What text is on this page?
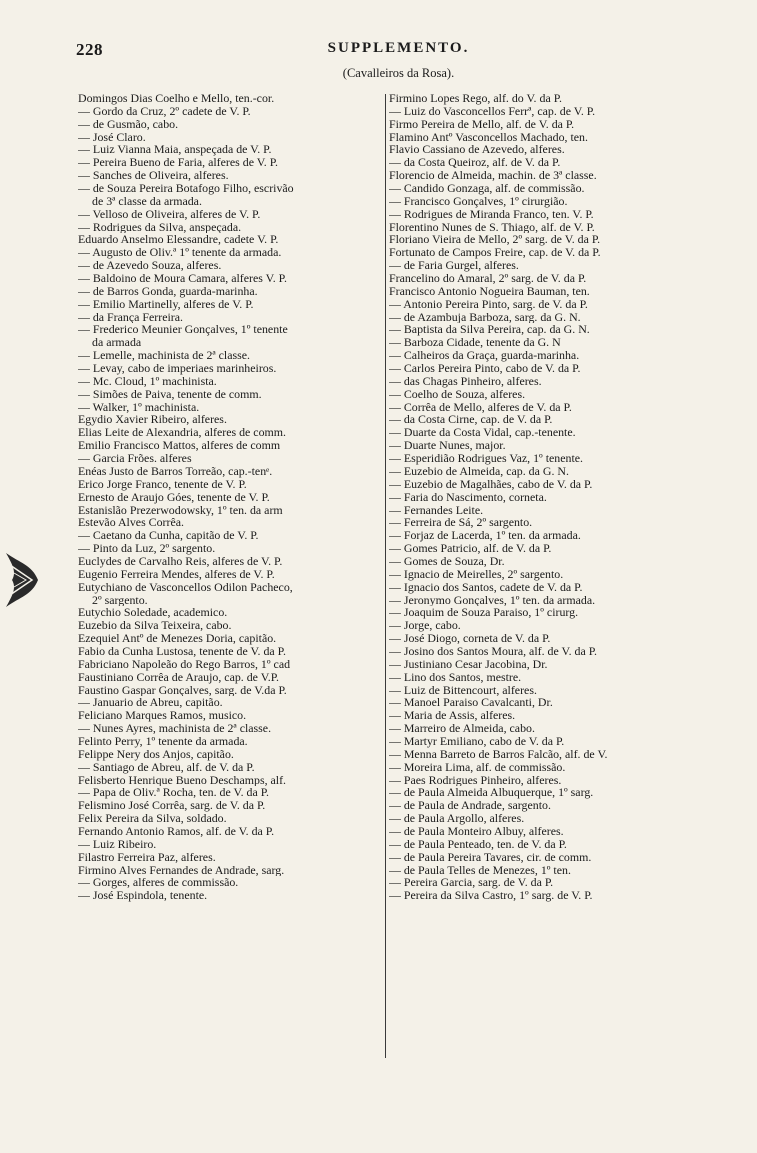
228	SUPPLEMENTO.
(Cavalleiros da Rosa).
Domingos Dias Coelho e Mello, ten.-cor.
— Gordo da Cruz, 2º cadete de V. P.
— de Gusmão, cabo.
— José Claro.
— Luiz Vianna Maia, anspeçada de V. P.
— Pereira Bueno de Faria, alferes de V. P.
— Sanches de Oliveira, alferes.
— de Souza Pereira Botafogo Filho, escrivão
de 3ª classe da armada.
— Velloso de Oliveira, alferes de V. P.
— Rodrigues da Silva, anspeçada.
Eduardo Anselmo Elessandre, cadete V. P.
— Augusto de Oliv.ª 1º tenente da armada.
— de Azevedo Souza, alferes.
— Baldoino de Moura Camara, alferes V. P.
— de Barros Gonda, guarda-marinha.
— Emilio Martinelly, alferes de V. P.
— da França Ferreira.
— Frederico Meunier Gonçalves, 1º tenente
da armada
— Lemelle, machinista de 2ª classe.
— Levay, cabo de imperiaes marinheiros.
— Mc. Cloud, 1º machinista.
— Simões de Paiva, tenente de comm.
— Walker, 1º machinista.
Egydio Xavier Ribeiro, alferes.
Elias Leite de Alexandria, alferes de comm.
Emilio Francisco Mattos, alferes de comm
— Garcia Frões. alferes
Enéas Justo de Barros Torreão, cap.-tenᵉ.
Erico Jorge Franco, tenente de V. P.
Ernesto de Araujo Góes, tenente de V. P.
Estanislão Prezerwodowsky, 1º ten. da arm
Estevão Alves Corrêa.
— Caetano da Cunha, capitão de V. P.
— Pinto da Luz, 2º sargento.
Euclydes de Carvalho Reis, alferes de V. P.
Eugenio Ferreira Mendes, alferes de V. P.
Eutychiano de Vasconcellos Odilon Pacheco,
2º sargento.
Eutychio Soledade, academico.
Euzebio da Silva Teixeira, cabo.
Ezequiel Antº de Menezes Doria, capitão.
Fabio da Cunha Lustosa, tenente de V. da P.
Fabriciano Napoleão do Rego Barros, 1º cad
Faustiniano Corrêa de Araujo, cap. de V.P.
Faustino Gaspar Gonçalves, sarg. de V.da P.
— Januario de Abreu, capitão.
Feliciano Marques Ramos, musico.
— Nunes Ayres, machinista de 2ª classe.
Felinto Perry, 1º tenente da armada.
Felippe Nery dos Anjos, capitão.
— Santiago de Abreu, alf. de V. da P.
Felisberto Henrique Bueno Deschamps, alf.
— Papa de Oliv.ª Rocha, ten. de V. da P.
Felismino José Corrêa, sarg. de V. da P.
Felix Pereira da Silva, soldado.
Fernando Antonio Ramos, alf. de V. da P.
— Luiz Ribeiro.
Filastro Ferreira Paz, alferes.
Firmino Alves Fernandes de Andrade, sarg.
— Gorges, alferes de commissão.
— José Espindola, tenente.
Firmino Lopes Rego, alf. do V. da P.
— Luiz do Vasconcellos Ferrª, cap. de V. P.
Firmo Pereira de Mello, alf. de V. da P.
Flamino Antº Vasconcellos Machado, ten.
Flavio Cassiano de Azevedo, alferes.
— da Costa Queiroz, alf. de V. da P.
Florencio de Almeida, machin. de 3ª classe.
— Candido Gonzaga, alf. de commissão.
— Francisco Gonçalves, 1º cirurgião.
— Rodrigues de Miranda Franco, ten. V. P.
Florentino Nunes de S. Thiago, alf. de V. P.
Floriano Vieira de Mello, 2º sarg. de V. da P.
Fortunato de Campos Freire, cap. de V. da P.
— de Faria Gurgel, alferes.
Francelino do Amaral, 2º sarg. de V. da P.
Francisco Antonio Nogueira Bauman, ten.
— Antonio Pereira Pinto, sarg. de V. da P.
— de Azambuja Barboza, sarg. da G. N.
— Baptista da Silva Pereira, cap. da G. N.
— Barboza Cidade, tenente da G. N
— Calheiros da Graça, guarda-marinha.
— Carlos Pereira Pinto, cabo de V. da P.
— das Chagas Pinheiro, alferes.
— Coelho de Souza, alferes.
— Corrêa de Mello, alferes de V. da P.
— da Costa Cirne, cap. de V. da P.
— Duarte da Costa Vidal, cap.-tenente.
— Duarte Nunes, major.
— Esperidião Rodrigues Vaz, 1º tenente.
— Euzebio de Almeida, cap. da G. N.
— Euzebio de Magalhães, cabo de V. da P.
— Faria do Nascimento, corneta.
— Fernandes Leite.
— Ferreira de Sá, 2º sargento.
— Forjaz de Lacerda, 1º ten. da armada.
— Gomes Patricio, alf. de V. da P.
— Gomes de Souza, Dr.
— Ignacio de Meirelles, 2º sargento.
— Ignacio dos Santos, cadete de V. da P.
— Jeronymo Gonçalves, 1º ten. da armada.
— Joaquim de Souza Paraiso, 1º cirurg.
— Jorge, cabo.
— José Diogo, corneta de V. da P.
— Josino dos Santos Moura, alf. de V. da P.
— Justiniano Cesar Jacobina, Dr.
— Lino dos Santos, mestre.
— Luiz de Bittencourt, alferes.
— Manoel Paraiso Cavalcanti, Dr.
— Maria de Assis, alferes.
— Marreiro de Almeida, cabo.
— Martyr Emiliano, cabo de V. da P.
— Menna Barreto de Barros Falcão, alf. de V.
— Moreira Lima, alf. de commissão.
— Paes Rodrigues Pinheiro, alferes.
— de Paula Almeida Albuquerque, 1º sarg.
— de Paula de Andrade, sargento.
— de Paula Argollo, alferes.
— de Paula Monteiro Albuy, alferes.
— de Paula Penteado, ten. de V. da P.
— de Paula Pereira Tavares, cir. de comm.
— de Paula Telles de Menezes, 1º ten.
— Pereira Garcia, sarg. de V. da P.
— Pereira da Silva Castro, 1º sarg. de V. P.
